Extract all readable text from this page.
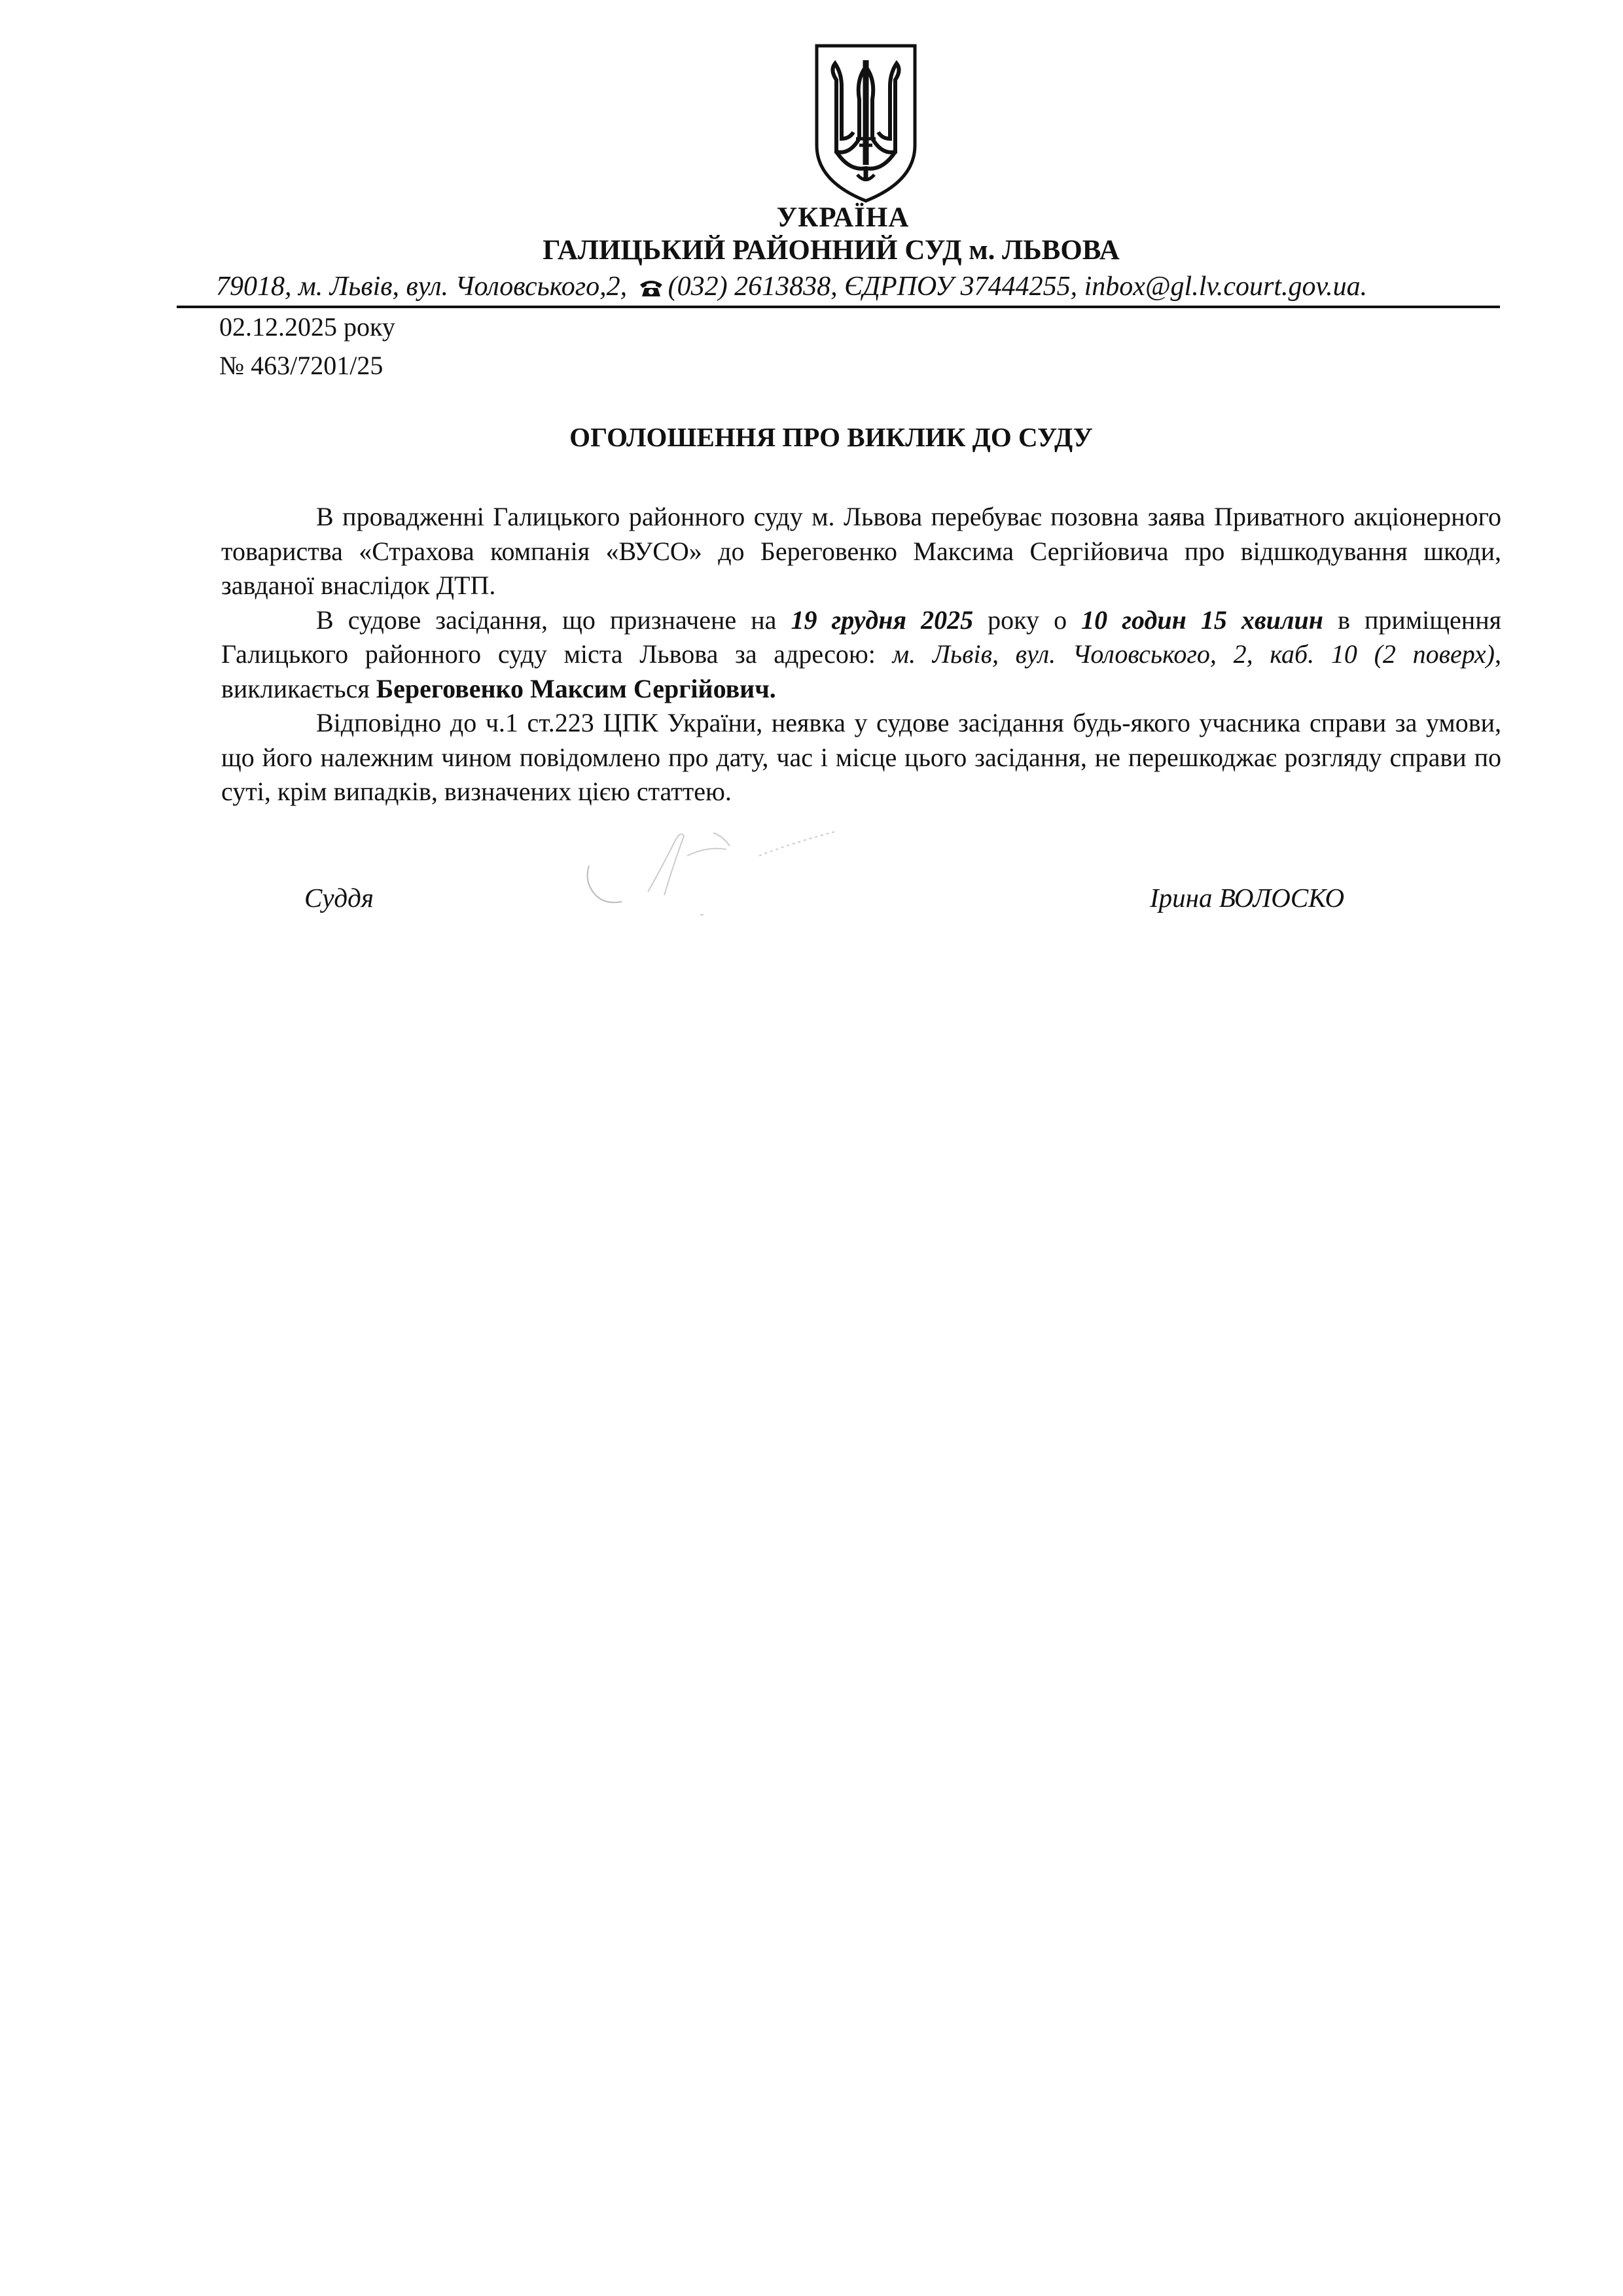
УКРАЇНА
ГАЛИЦЬКИЙ РАЙОННИЙ СУД м. ЛЬВОВА
79018, м. Львів, вул. Чоловського,2, (032) 2613838, ЄДРПОУ 37444255, inbox@gl.lv.court.gov.ua.
02.12.2025 року
№ 463/7201/25
ОГОЛОШЕННЯ ПРО ВИКЛИК ДО СУДУ

В провадженні Галицького районного суду м. Львова перебуває позовна заява Приватного акціонерного товариства «Страхова компанія «ВУСО» до Береговенко Максима Сергійовича про відшкодування шкоди, завданої внаслідок ДТП.

В судове засідання, що призначене на 19 грудня 2025 року о 10 годин 15 хвилин в приміщення Галицького районного суду міста Львова за адресою: м. Львів, вул. Чоловського, 2, каб. 10 (2 поверх), викликається Береговенко Максим Сергійович.

Відповідно до ч.1 ст.223 ЦПК України, неявка у судове засідання будь-якого учасника справи за умови, що його належним чином повідомлено про дату, час і місце цього засідання, не перешкоджає розгляду справи по суті, крім випадків, визначених цією статтею.

Суддя	Ірина ВОЛОСКО
